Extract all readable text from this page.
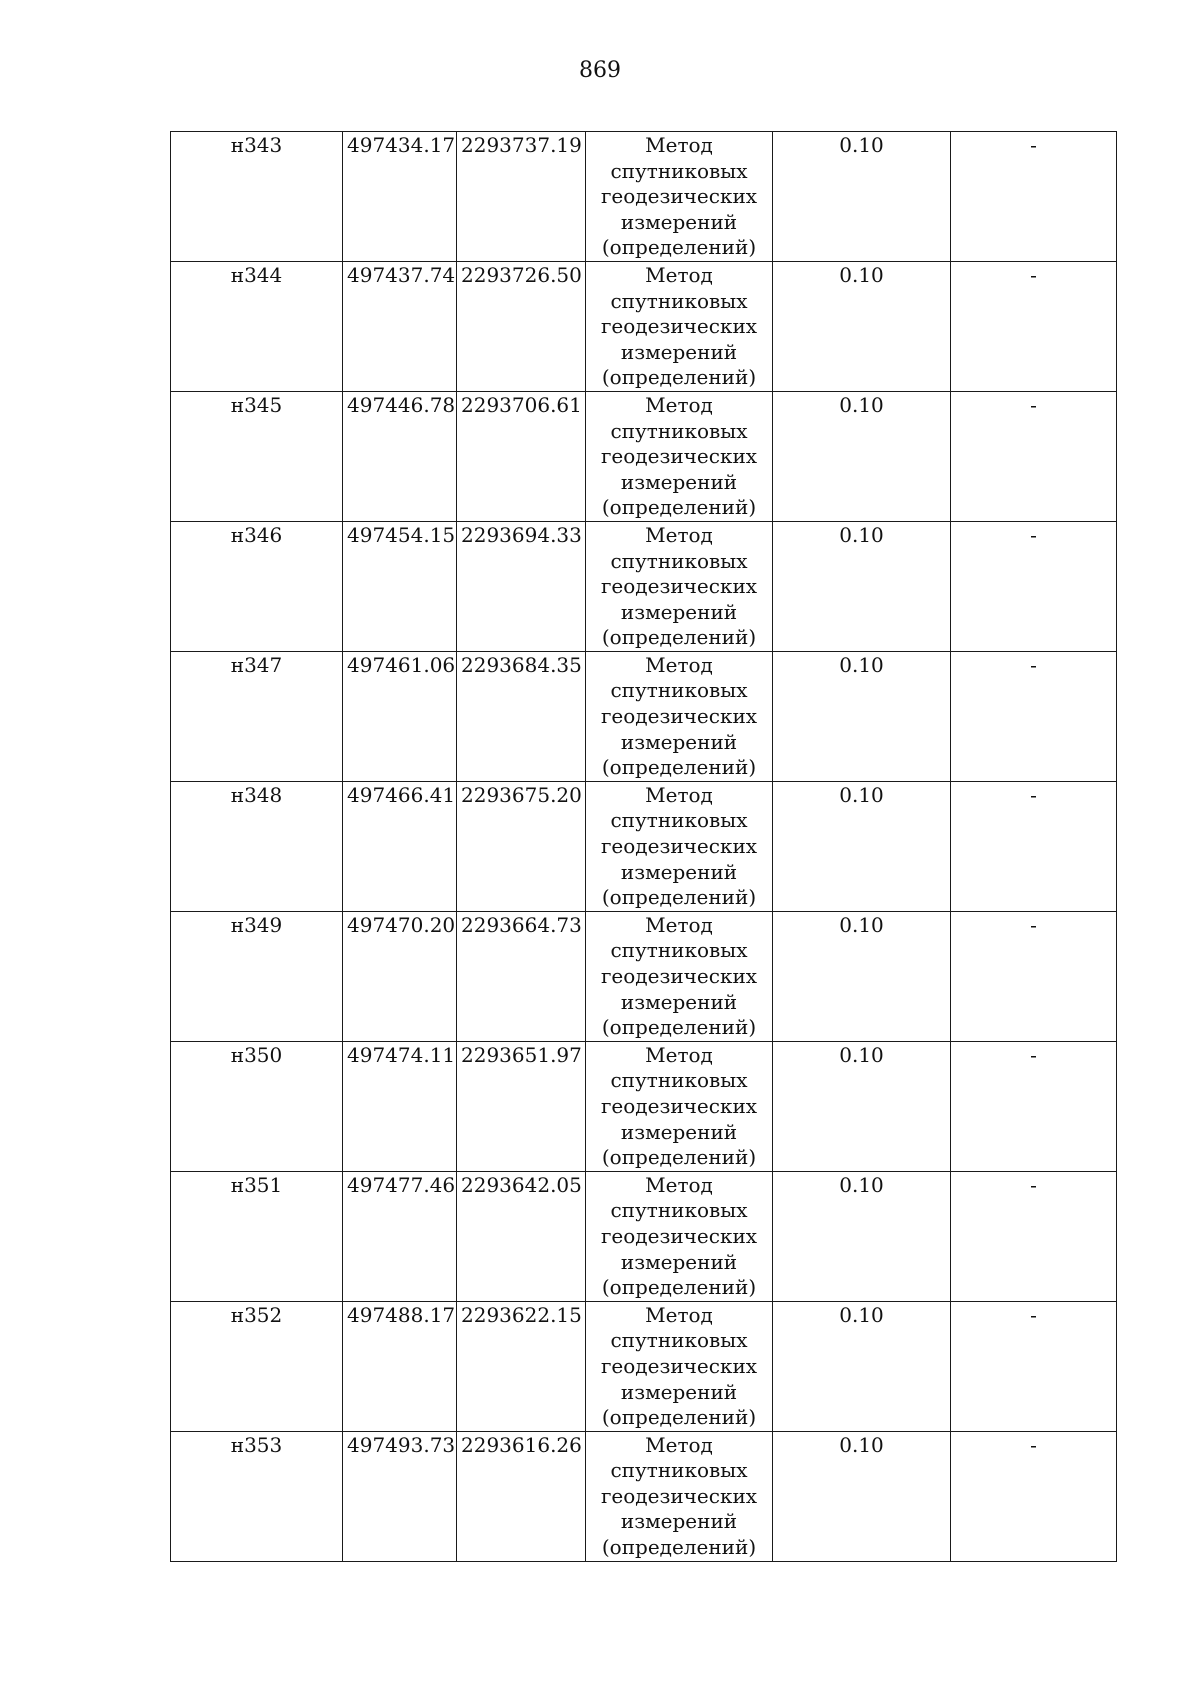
869
н343	497434.17	2293737.19	Метод
спутниковых
геодезических
измерений
(определений)	0.10	-
н344	497437.74	2293726.50	Метод
спутниковых
геодезических
измерений
(определений)	0.10	-
н345	497446.78	2293706.61	Метод
спутниковых
геодезических
измерений
(определений)	0.10	-
н346	497454.15	2293694.33	Метод
спутниковых
геодезических
измерений
(определений)	0.10	-
н347	497461.06	2293684.35	Метод
спутниковых
геодезических
измерений
(определений)	0.10	-
н348	497466.41	2293675.20	Метод
спутниковых
геодезических
измерений
(определений)	0.10	-
н349	497470.20	2293664.73	Метод
спутниковых
геодезических
измерений
(определений)	0.10	-
н350	497474.11	2293651.97	Метод
спутниковых
геодезических
измерений
(определений)	0.10	-
н351	497477.46	2293642.05	Метод
спутниковых
геодезических
измерений
(определений)	0.10	-
н352	497488.17	2293622.15	Метод
спутниковых
геодезических
измерений
(определений)	0.10	-
н353	497493.73	2293616.26	Метод
спутниковых
геодезических
измерений
(определений)	0.10	-
